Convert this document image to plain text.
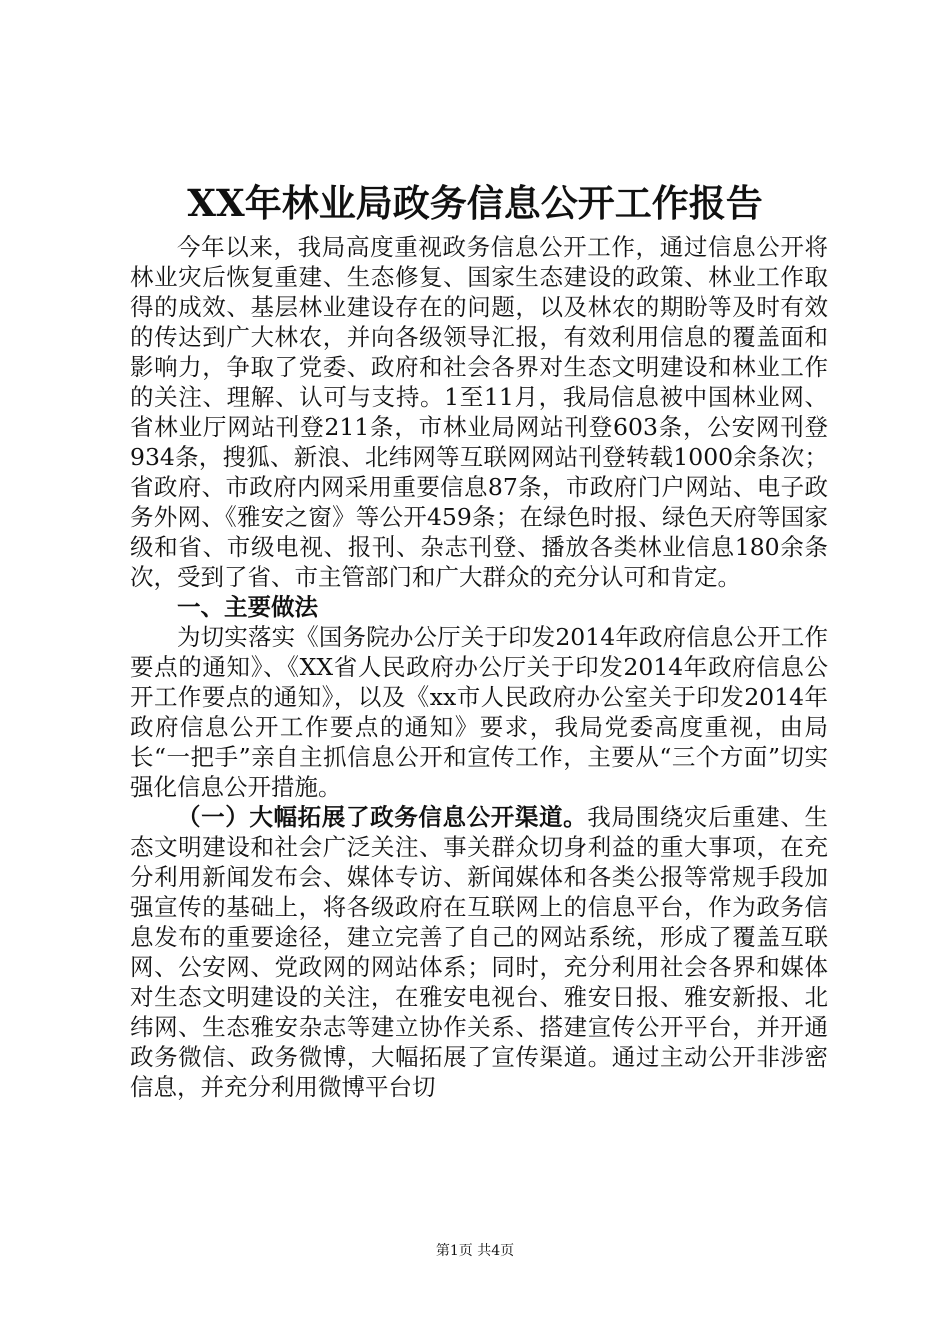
XX年林业局政务信息公开工作报告

今年以来，我局高度重视政务信息公开工作，通过信息公开将林业灾后恢复重建、生态修复、国家生态建设的政策、林业工作取得的成效、基层林业建设存在的问题，以及林农的期盼等及时有效的传达到广大林农，并向各级领导汇报，有效利用信息的覆盖面和影响力，争取了党委、政府和社会各界对生态文明建设和林业工作的关注、理解、认可与支持。1至11月，我局信息被中国林业网、省林业厅网站刊登211条，市林业局网站刊登603条，公安网刊登934条，搜狐、新浪、北纬网等互联网网站刊登转载1000余条次；省政府、市政府内网采用重要信息87条，市政府门户网站、电子政务外网、《雅安之窗》等公开459条；在绿色时报、绿色天府等国家级和省、市级电视、报刊、杂志刊登、播放各类林业信息180余条次，受到了省、市主管部门和广大群众的充分认可和肯定。

一、主要做法

为切实落实《国务院办公厅关于印发2014年政府信息公开工作要点的通知》、《XX省人民政府办公厅关于印发2014年政府信息公开工作要点的通知》，以及《xx市人民政府办公室关于印发2014年政府信息公开工作要点的通知》要求，我局党委高度重视，由局长“一把手”亲自主抓信息公开和宣传工作，主要从“三个方面”切实强化信息公开措施。

（一）大幅拓展了政务信息公开渠道。我局围绕灾后重建、生态文明建设和社会广泛关注、事关群众切身利益的重大事项，在充分利用新闻发布会、媒体专访、新闻媒体和各类公报等常规手段加强宣传的基础上，将各级政府在互联网上的信息平台，作为政务信息发布的重要途径，建立完善了自己的网站系统，形成了覆盖互联网、公安网、党政网的网站体系；同时，充分利用社会各界和媒体对生态文明建设的关注，在雅安电视台、雅安日报、雅安新报、北纬网、生态雅安杂志等建立协作关系、搭建宣传公开平台，并开通政务微信、政务微博，大幅拓展了宣传渠道。通过主动公开非涉密信息，并充分利用微博平台切

第1页 共4页
